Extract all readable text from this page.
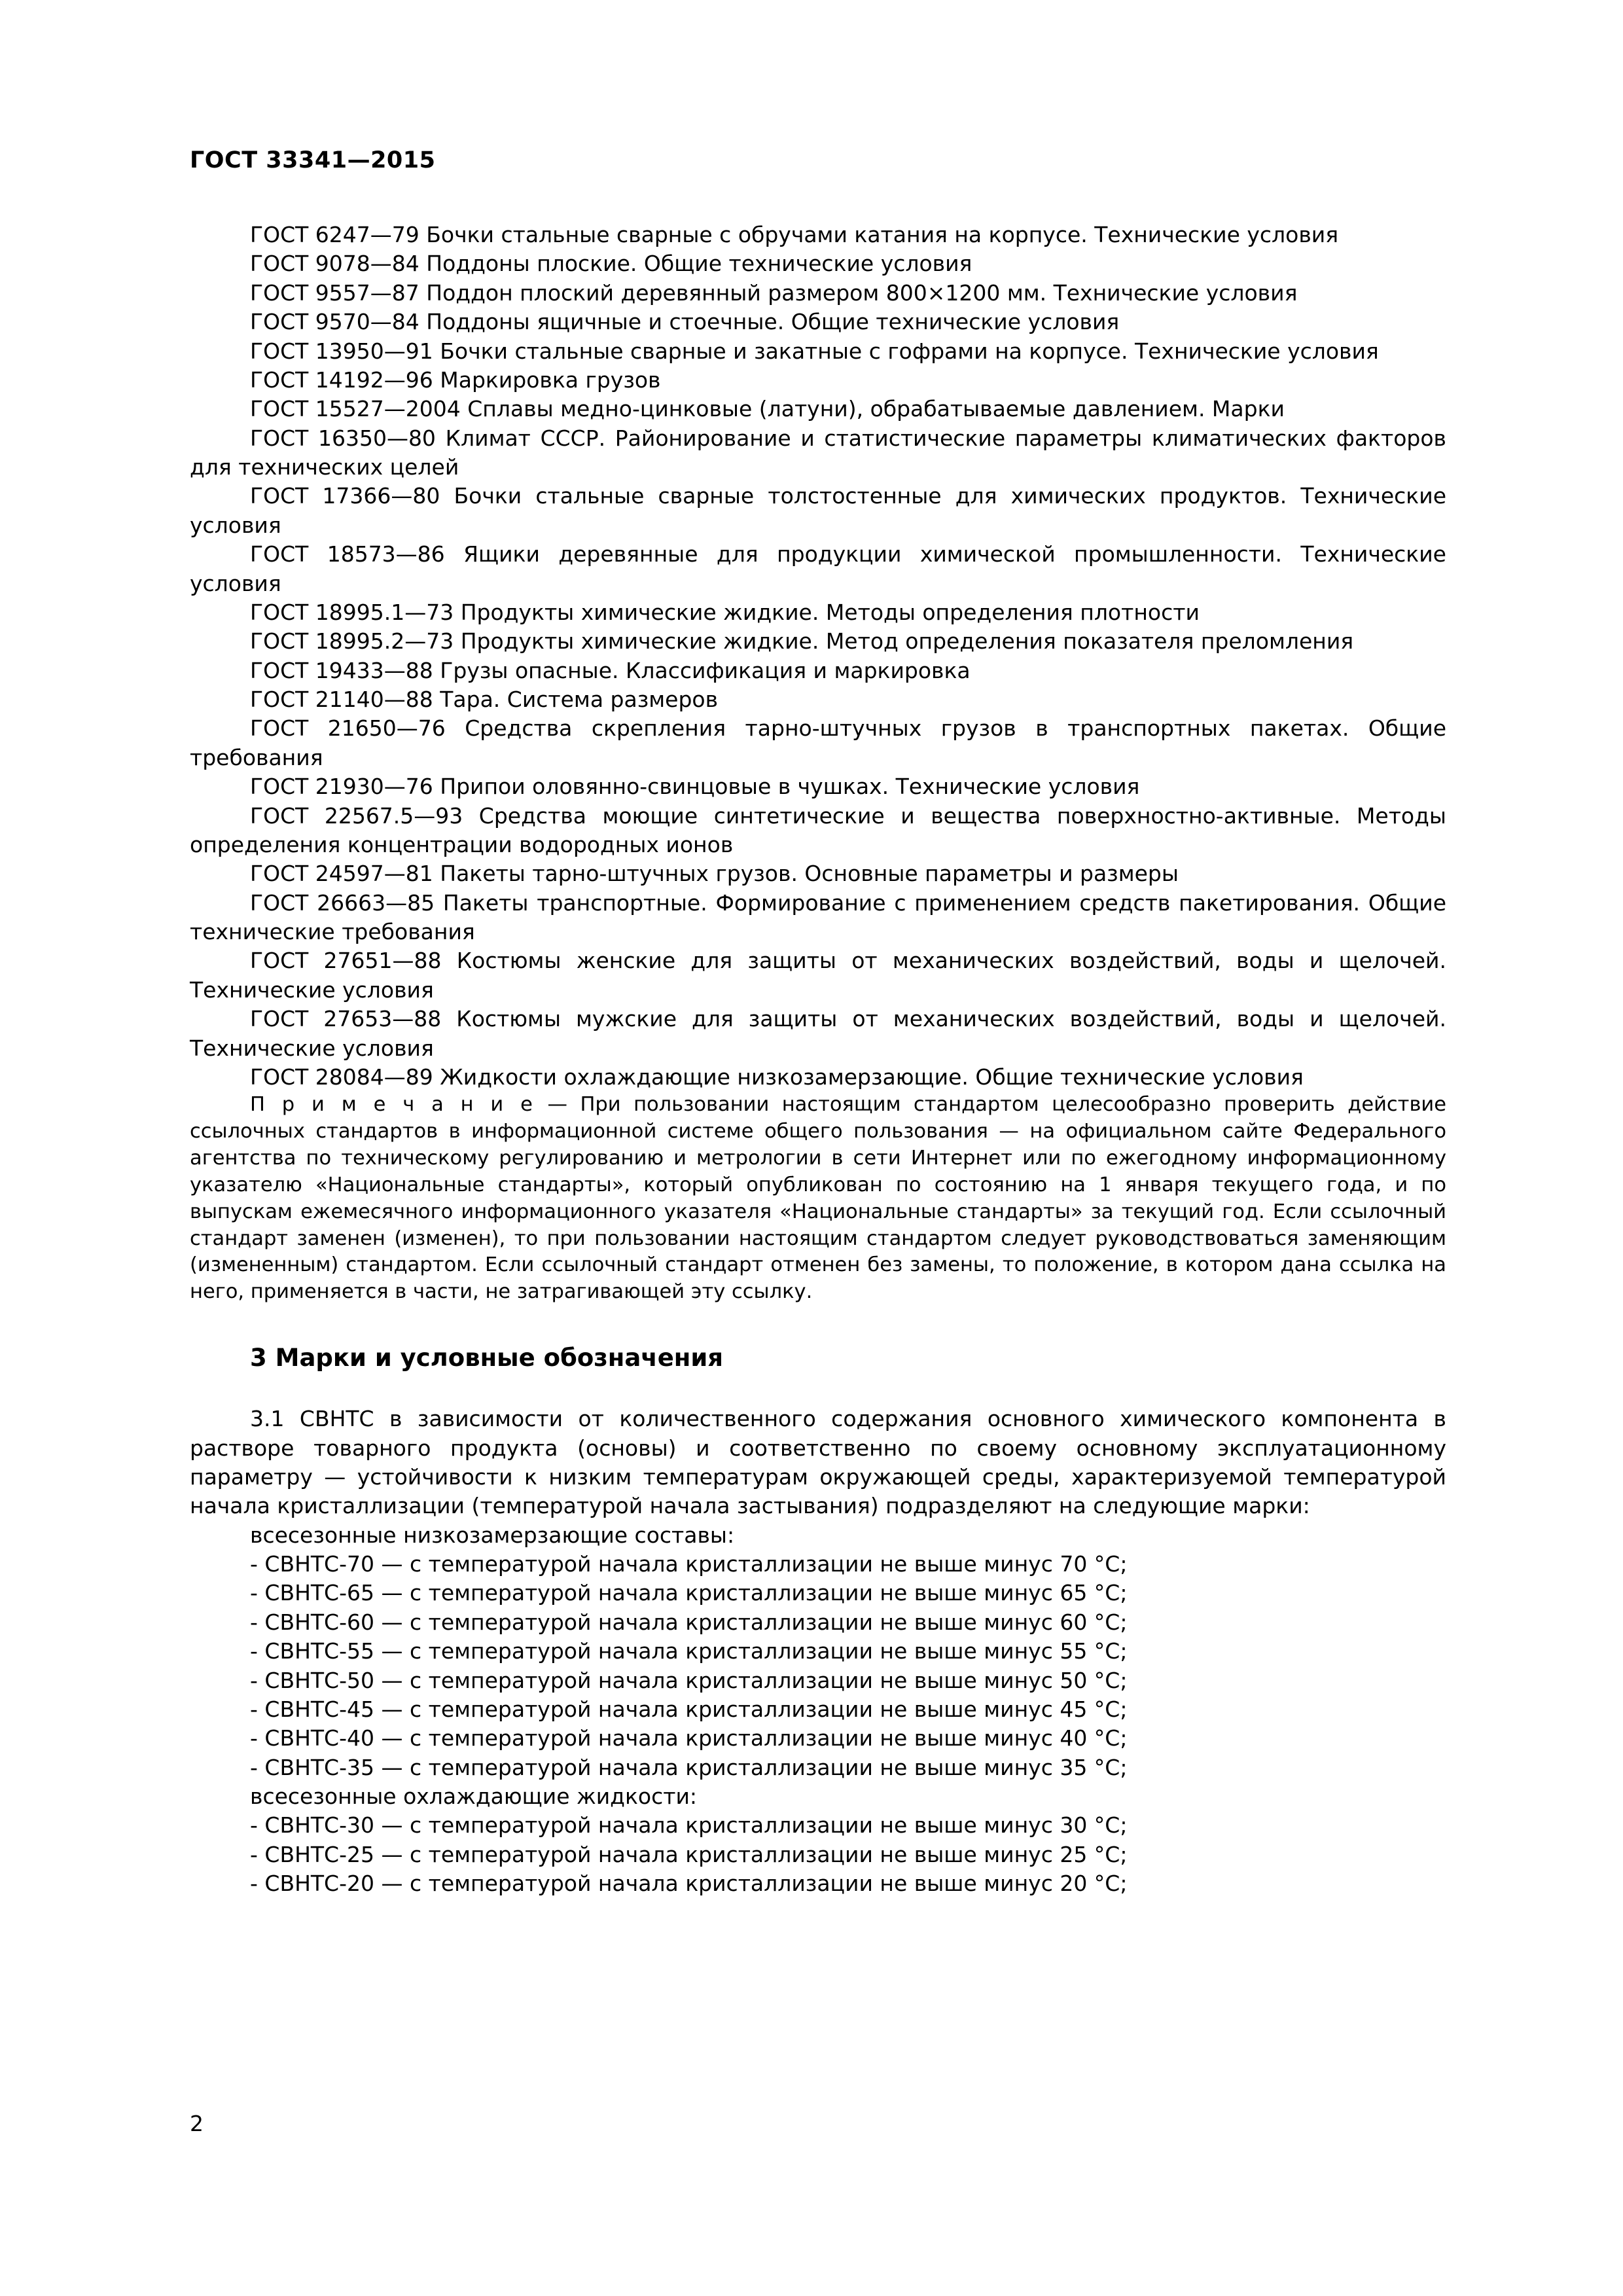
ГОСТ 33341—2015

ГОСТ 6247—79 Бочки стальные сварные с обручами катания на корпусе. Технические условия

ГОСТ 9078—84 Поддоны плоские. Общие технические условия

ГОСТ 9557—87 Поддон плоский деревянный размером 800×1200 мм. Технические условия

ГОСТ 9570—84 Поддоны ящичные и стоечные. Общие технические условия

ГОСТ 13950—91 Бочки стальные сварные и закатные с гофрами на корпусе. Технические условия

ГОСТ 14192—96 Маркировка грузов

ГОСТ 15527—2004 Сплавы медно-цинковые (латуни), обрабатываемые давлением. Марки

ГОСТ 16350—80 Климат СССР. Районирование и статистические параметры климатических факторов для технических целей

ГОСТ 17366—80 Бочки стальные сварные толстостенные для химических продуктов. Технические условия

ГОСТ 18573—86 Ящики деревянные для продукции химической промышленности. Технические условия

ГОСТ 18995.1—73 Продукты химические жидкие. Методы определения плотности

ГОСТ 18995.2—73 Продукты химические жидкие. Метод определения показателя преломления

ГОСТ 19433—88 Грузы опасные. Классификация и маркировка

ГОСТ 21140—88 Тара. Система размеров

ГОСТ 21650—76 Средства скрепления тарно-штучных грузов в транспортных пакетах. Общие требования

ГОСТ 21930—76 Припои оловянно-свинцовые в чушках. Технические условия

ГОСТ 22567.5—93 Средства моющие синтетические и вещества поверхностно-активные. Методы определения концентрации водородных ионов

ГОСТ 24597—81 Пакеты тарно-штучных грузов. Основные параметры и размеры

ГОСТ 26663—85 Пакеты транспортные. Формирование с применением средств пакетирования. Общие технические требования

ГОСТ 27651—88 Костюмы женские для защиты от механических воздействий, воды и щелочей. Технические условия

ГОСТ 27653—88 Костюмы мужские для защиты от механических воздействий, воды и щелочей. Технические условия

ГОСТ 28084—89 Жидкости охлаждающие низкозамерзающие. Общие технические условия

П р и м е ч а н и е — При пользовании настоящим стандартом целесообразно проверить действие ссылочных стандартов в информационной системе общего пользования — на официальном сайте Федерального агентства по техническому регулированию и метрологии в сети Интернет или по ежегодному информационному указателю «Национальные стандарты», который опубликован по состоянию на 1 января текущего года, и по выпускам ежемесячного информационного указателя «Национальные стандарты» за текущий год. Если ссылочный стандарт заменен (изменен), то при пользовании настоящим стандартом следует руководствоваться заменяющим (измененным) стандартом. Если ссылочный стандарт отменен без замены, то положение, в котором дана ссылка на него, применяется в части, не затрагивающей эту ссылку.

3 Марки и условные обозначения

3.1 СВНТС в зависимости от количественного содержания основного химического компонента в растворе товарного продукта (основы) и соответственно по своему основному эксплуатационному параметру — устойчивости к низким температурам окружающей среды, характеризуемой температурой начала кристаллизации (температурой начала застывания) подразделяют на следующие марки:

всесезонные низкозамерзающие составы:

- СВНТС-70 — с температурой начала кристаллизации не выше минус 70 °С;

- СВНТС-65 — с температурой начала кристаллизации не выше минус 65 °С;

- СВНТС-60 — с температурой начала кристаллизации не выше минус 60 °С;

- СВНТС-55 — с температурой начала кристаллизации не выше минус 55 °С;

- СВНТС-50 — с температурой начала кристаллизации не выше минус 50 °С;

- СВНТС-45 — с температурой начала кристаллизации не выше минус 45 °С;

- СВНТС-40 — с температурой начала кристаллизации не выше минус 40 °С;

- СВНТС-35 — с температурой начала кристаллизации не выше минус 35 °С;

всесезонные охлаждающие жидкости:

- СВНТС-30 — с температурой начала кристаллизации не выше минус 30 °С;

- СВНТС-25 — с температурой начала кристаллизации не выше минус 25 °С;

- СВНТС-20 — с температурой начала кристаллизации не выше минус 20 °С;

2
